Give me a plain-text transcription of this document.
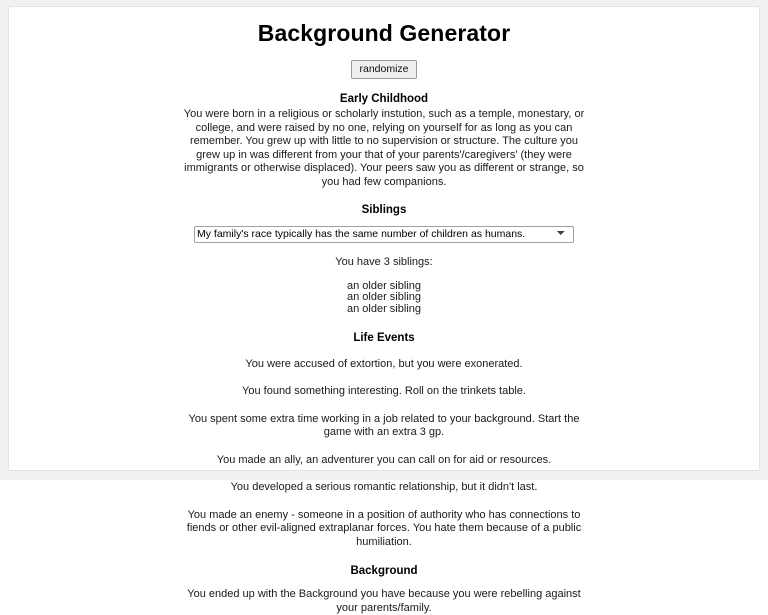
Background Generator
randomize
Early Childhood
You were born in a religious or scholarly instution, such as a temple, monestary, or college, and were raised by no one, relying on yourself for as long as you can remember. You grew up with little to no supervision or structure. The culture you grew up in was different from your that of your parents'/caregivers' (they were immigrants or otherwise displaced). Your peers saw you as different or strange, so you had few companions.
Siblings
My family's race typically has the same number of children as humans.
You have 3 siblings:
an older sibling
an older sibling
an older sibling
Life Events
You were accused of extortion, but you were exonerated.
You found something interesting. Roll on the trinkets table.
You spent some extra time working in a job related to your background. Start the game with an extra 3 gp.
You made an ally, an adventurer you can call on for aid or resources.
You developed a serious romantic relationship, but it didn't last.
You made an enemy - someone in a position of authority who has connections to fiends or other evil-aligned extraplanar forces. You hate them because of a public humiliation.
Background
You ended up with the Background you have because you were rebelling against your parents/family.
